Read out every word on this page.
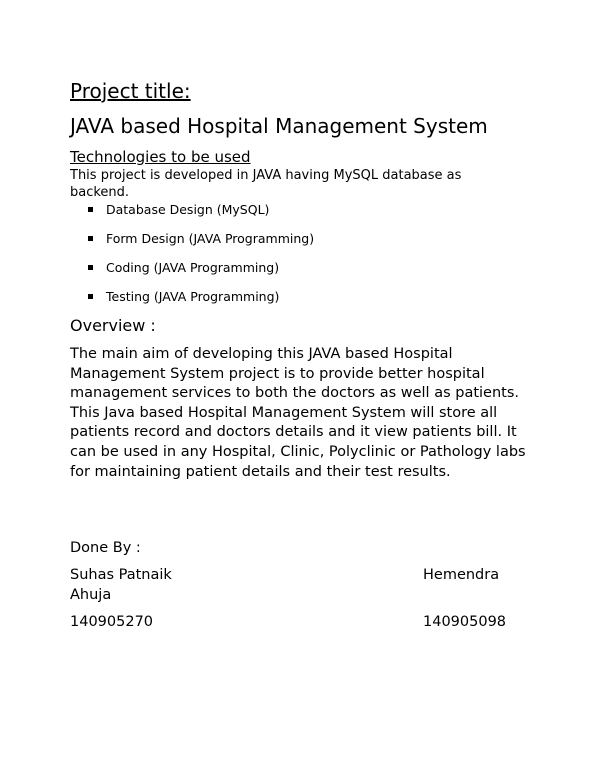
Project title:
JAVA based Hospital Management System
Technologies to be used
This project is developed in JAVA having MySQL database as backend.
Database Design (MySQL)
Form Design (JAVA Programming)
Coding (JAVA Programming)
Testing (JAVA Programming)
Overview :
The main aim of developing this JAVA based Hospital Management System project is to provide better hospital management services to both the doctors as well as patients. This Java based Hospital Management System will store all patients record and doctors details and it view patients bill. It can be used in any Hospital, Clinic, Polyclinic or Pathology labs for maintaining patient details and their test results.
Done By :
Suhas Patnaik	Hemendra
Ahuja
140905270	140905098
